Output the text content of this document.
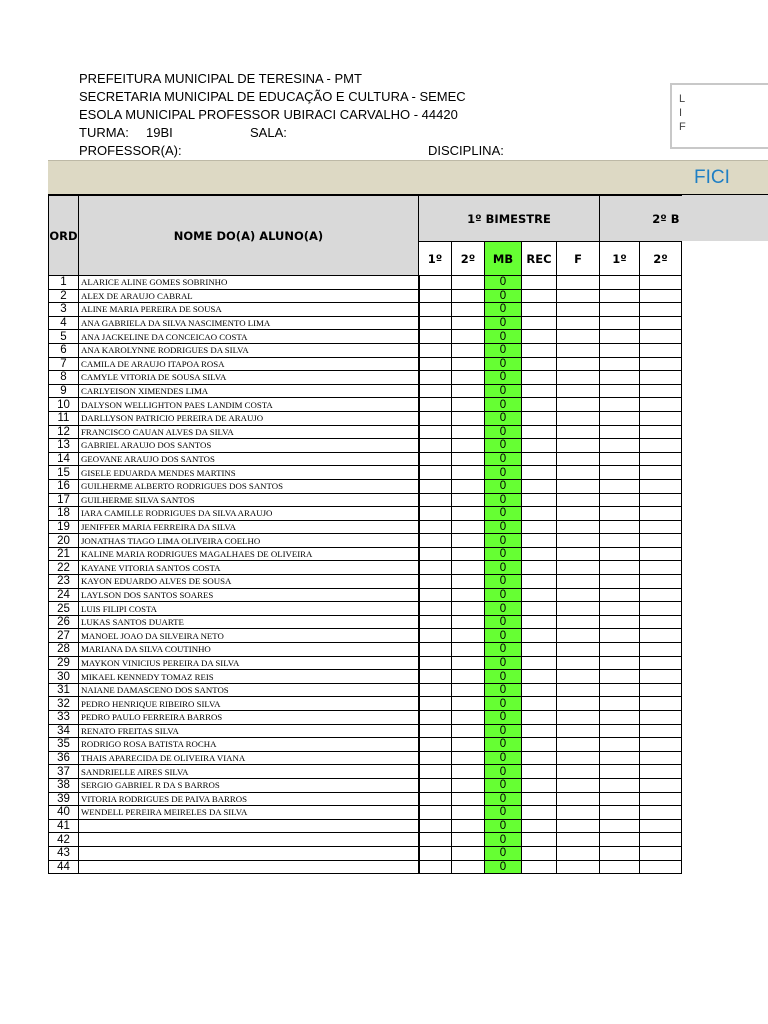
PREFEITURA MUNICIPAL DE TERESINA - PMT
SECRETARIA MUNICIPAL DE EDUCAÇÃO E CULTURA - SEMEC
ESOLA MUNICIPAL PROFESSOR UBIRACI CARVALHO - 44420
TURMA: 19BI	SALA:
PROFESSOR(A):	DISCIPLINA:
L
I
F
FICI
ORD	NOME DO(A) ALUNO(A)	1º BIMESTRE					2º B	
		1º	2º	MB	REC	F	1º	2º
1	ALARICE ALINE GOMES SOBRINHO			0				
2	ALEX DE ARAUJO CABRAL			0				
3	ALINE MARIA PEREIRA DE SOUSA			0				
4	ANA GABRIELA DA SILVA NASCIMENTO LIMA			0				
5	ANA JACKELINE DA CONCEICAO COSTA			0				
6	ANA KAROLYNNE RODRIGUES DA SILVA			0				
7	CAMILA DE ARAUJO ITAPOA ROSA			0				
8	CAMYLE VITORIA DE SOUSA SILVA			0				
9	CARLYEISON XIMENDES LIMA			0				
10	DALYSON WELLIGHTON PAES LANDIM COSTA			0				
11	DARLLYSON PATRICIO PEREIRA DE ARAUJO			0				
12	FRANCISCO CAUAN ALVES DA SILVA			0				
13	GABRIEL ARAUJO DOS SANTOS			0				
14	GEOVANE ARAUJO DOS SANTOS			0				
15	GISELE EDUARDA MENDES MARTINS			0				
16	GUILHERME ALBERTO RODRIGUES DOS SANTOS			0				
17	GUILHERME SILVA SANTOS			0				
18	IARA CAMILLE RODRIGUES DA SILVA ARAUJO			0				
19	JENIFFER MARIA FERREIRA DA SILVA			0				
20	JONATHAS TIAGO LIMA OLIVEIRA COELHO			0				
21	KALINE MARIA RODRIGUES MAGALHAES DE OLIVEIRA			0				
22	KAYANE VITORIA SANTOS COSTA			0				
23	KAYON EDUARDO ALVES DE SOUSA			0				
24	LAYLSON DOS SANTOS SOARES			0				
25	LUIS FILIPI COSTA			0				
26	LUKAS SANTOS DUARTE			0				
27	MANOEL JOAO DA SILVEIRA NETO			0				
28	MARIANA DA SILVA COUTINHO			0				
29	MAYKON VINICIUS PEREIRA DA SILVA			0				
30	MIKAEL KENNEDY TOMAZ REIS			0				
31	NAIANE DAMASCENO DOS SANTOS			0				
32	PEDRO HENRIQUE RIBEIRO SILVA			0				
33	PEDRO PAULO FERREIRA BARROS			0				
34	RENATO FREITAS SILVA			0				
35	RODRIGO ROSA BATISTA ROCHA			0				
36	THAIS APARECIDA DE OLIVEIRA VIANA			0				
37	SANDRIELLE AIRES SILVA			0				
38	SERGIO GABRIEL R DA S BARROS			0				
39	VITORIA RODRIGUES DE PAIVA BARROS			0				
40	WENDELL PEREIRA MEIRELES DA SILVA			0				
41				0				
42				0				
43				0				
44				0				
